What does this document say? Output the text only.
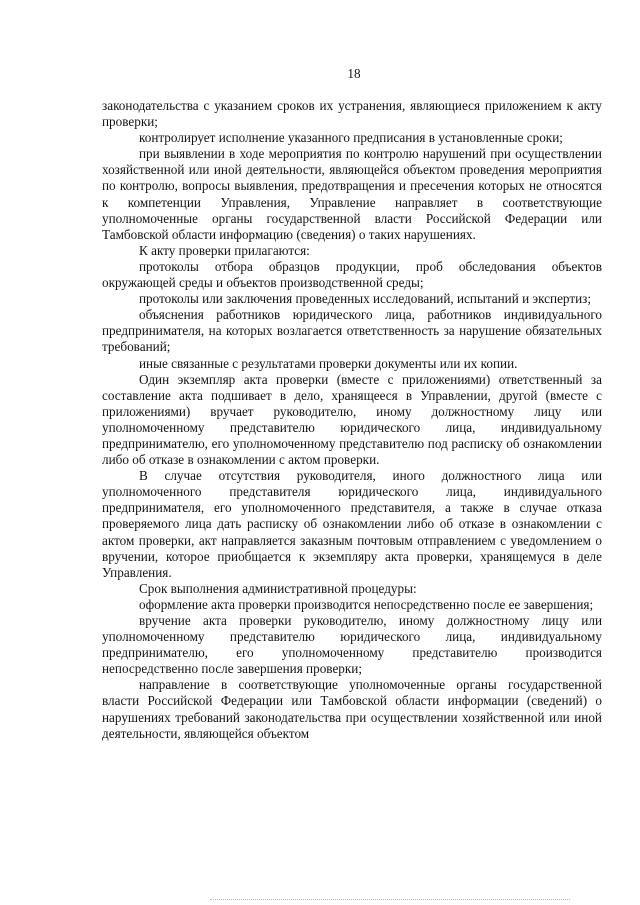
18

законодательства с указанием сроков их устранения, являющиеся приложением к акту проверки;

контролирует исполнение указанного предписания в установленные сроки;

при выявлении в ходе мероприятия по контролю нарушений при осуществлении хозяйственной или иной деятельности, являющейся объектом проведения мероприятия по контролю, вопросы выявления, предотвращения и пресечения которых не относятся к компетенции Управления, Управление направляет в соответствующие уполномоченные органы государственной власти Российской Федерации или Тамбовской области информацию (сведения) о таких нарушениях.

К акту проверки прилагаются:

протоколы отбора образцов продукции, проб обследования объектов окружающей среды и объектов производственной среды;

протоколы или заключения проведенных исследований, испытаний и экспертиз;

объяснения работников юридического лица, работников индивидуального предпринимателя, на которых возлагается ответственность за нарушение обязательных требований;

иные связанные с результатами проверки документы или их копии.

Один экземпляр акта проверки (вместе с приложениями) ответственный за составление акта подшивает в дело, хранящееся в Управлении, другой (вместе с приложениями) вручает руководителю, иному должностному лицу или уполномоченному представителю юридического лица, индивидуальному предпринимателю, его уполномоченному представителю под расписку об ознакомлении либо об отказе в ознакомлении с актом проверки.

В случае отсутствия руководителя, иного должностного лица или уполномоченного представителя юридического лица, индивидуального предпринимателя, его уполномоченного представителя, а также в случае отказа проверяемого лица дать расписку об ознакомлении либо об отказе в ознакомлении с актом проверки, акт направляется заказным почтовым отправлением с уведомлением о вручении, которое приобщается к экземпляру акта проверки, хранящемуся в деле Управления.

Срок выполнения административной процедуры:

оформление акта проверки производится непосредственно после ее завершения;

вручение акта проверки руководителю, иному должностному лицу или уполномоченному представителю юридического лица, индивидуальному предпринимателю, его уполномоченному представителю производится непосредственно после завершения проверки;

направление в соответствующие уполномоченные органы государственной власти Российской Федерации или Тамбовской области информации (сведений) о нарушениях требований законодательства при осуществлении хозяйственной или иной деятельности, являющейся объектом
